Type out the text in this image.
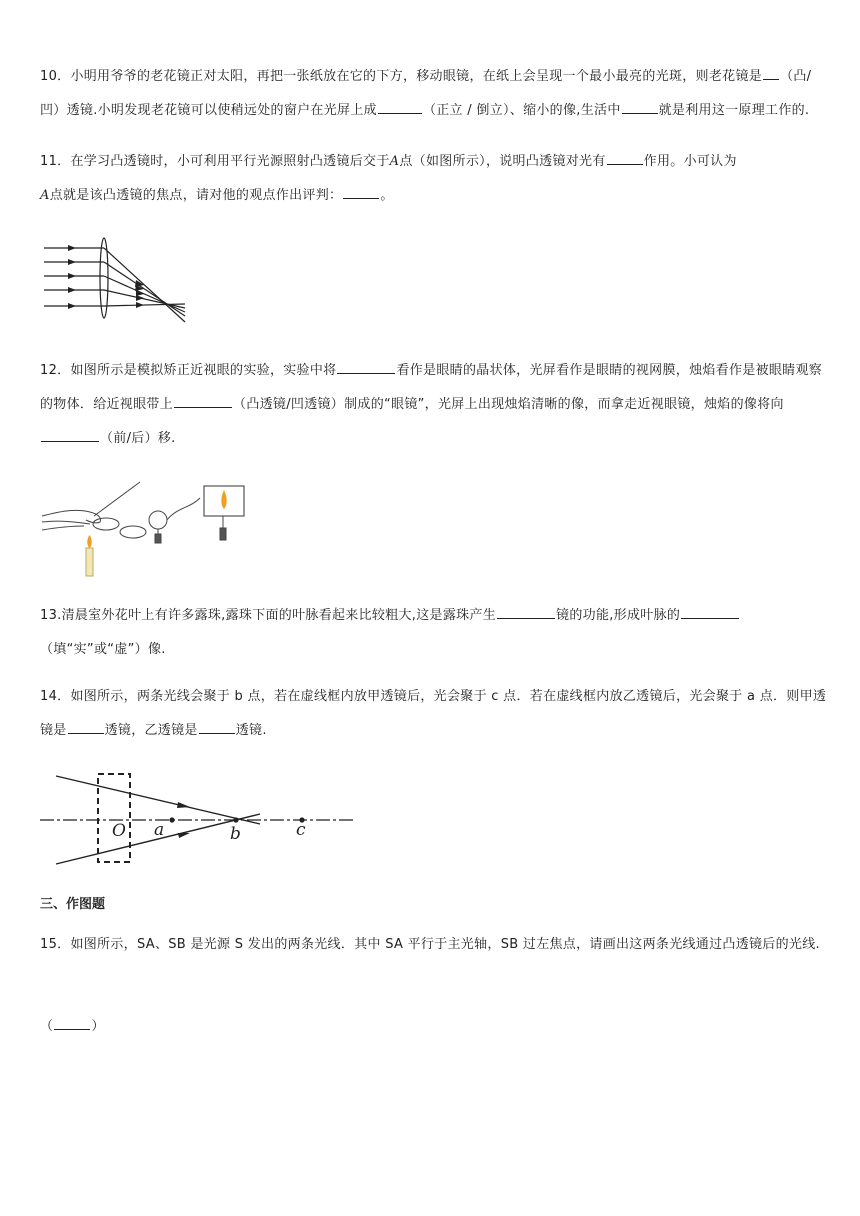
10．小明用爷爷的老花镜正对太阳，再把一张纸放在它的下方，移动眼镜，在纸上会呈现一个最小最亮的光斑，则老花镜是 （凸/凹）透镜.小明发现老花镜可以使稍远处的窗户在光屏上成	（正立 / 倒立）、缩小的像,生活中	就是利用这一原理工作的.
11．在学习凸透镜时，小可利用平行光源照射凸透镜后交于A点（如图所示），说明凸透镜对光有	作用。小可认为
A点就是该凸透镜的焦点，请对他的观点作出评判：	。
12．如图所示是模拟矫正近视眼的实验，实验中将	看作是眼睛的晶状体，光屏看作是眼睛的视网膜，烛焰看作是被眼睛观察的物体．给近视眼带上	（凸透镜/凹透镜）制成的“眼镜”，光屏上出现烛焰清晰的像，而拿走近视眼镜，烛焰的像将向（前/后）移.
13.清晨室外花叶上有许多露珠,露珠下面的叶脉看起来比较粗大,这是露珠产生	镜的功能,形成叶脉的（填“实”或“虚”）像.
14．如图所示，两条光线会聚于 b 点，若在虚线框内放甲透镜后，光会聚于 c 点．若在虚线框内放乙透镜后，光会聚于 a 点．则甲透镜是	透镜，乙透镜是	透镜.
O a	b	c
三、作图题
15．如图所示，SA、SB 是光源 S 发出的两条光线．其中 SA 平行于主光轴，SB 过左焦点，请画出这两条光线通过凸透镜后的光线.
（	）
